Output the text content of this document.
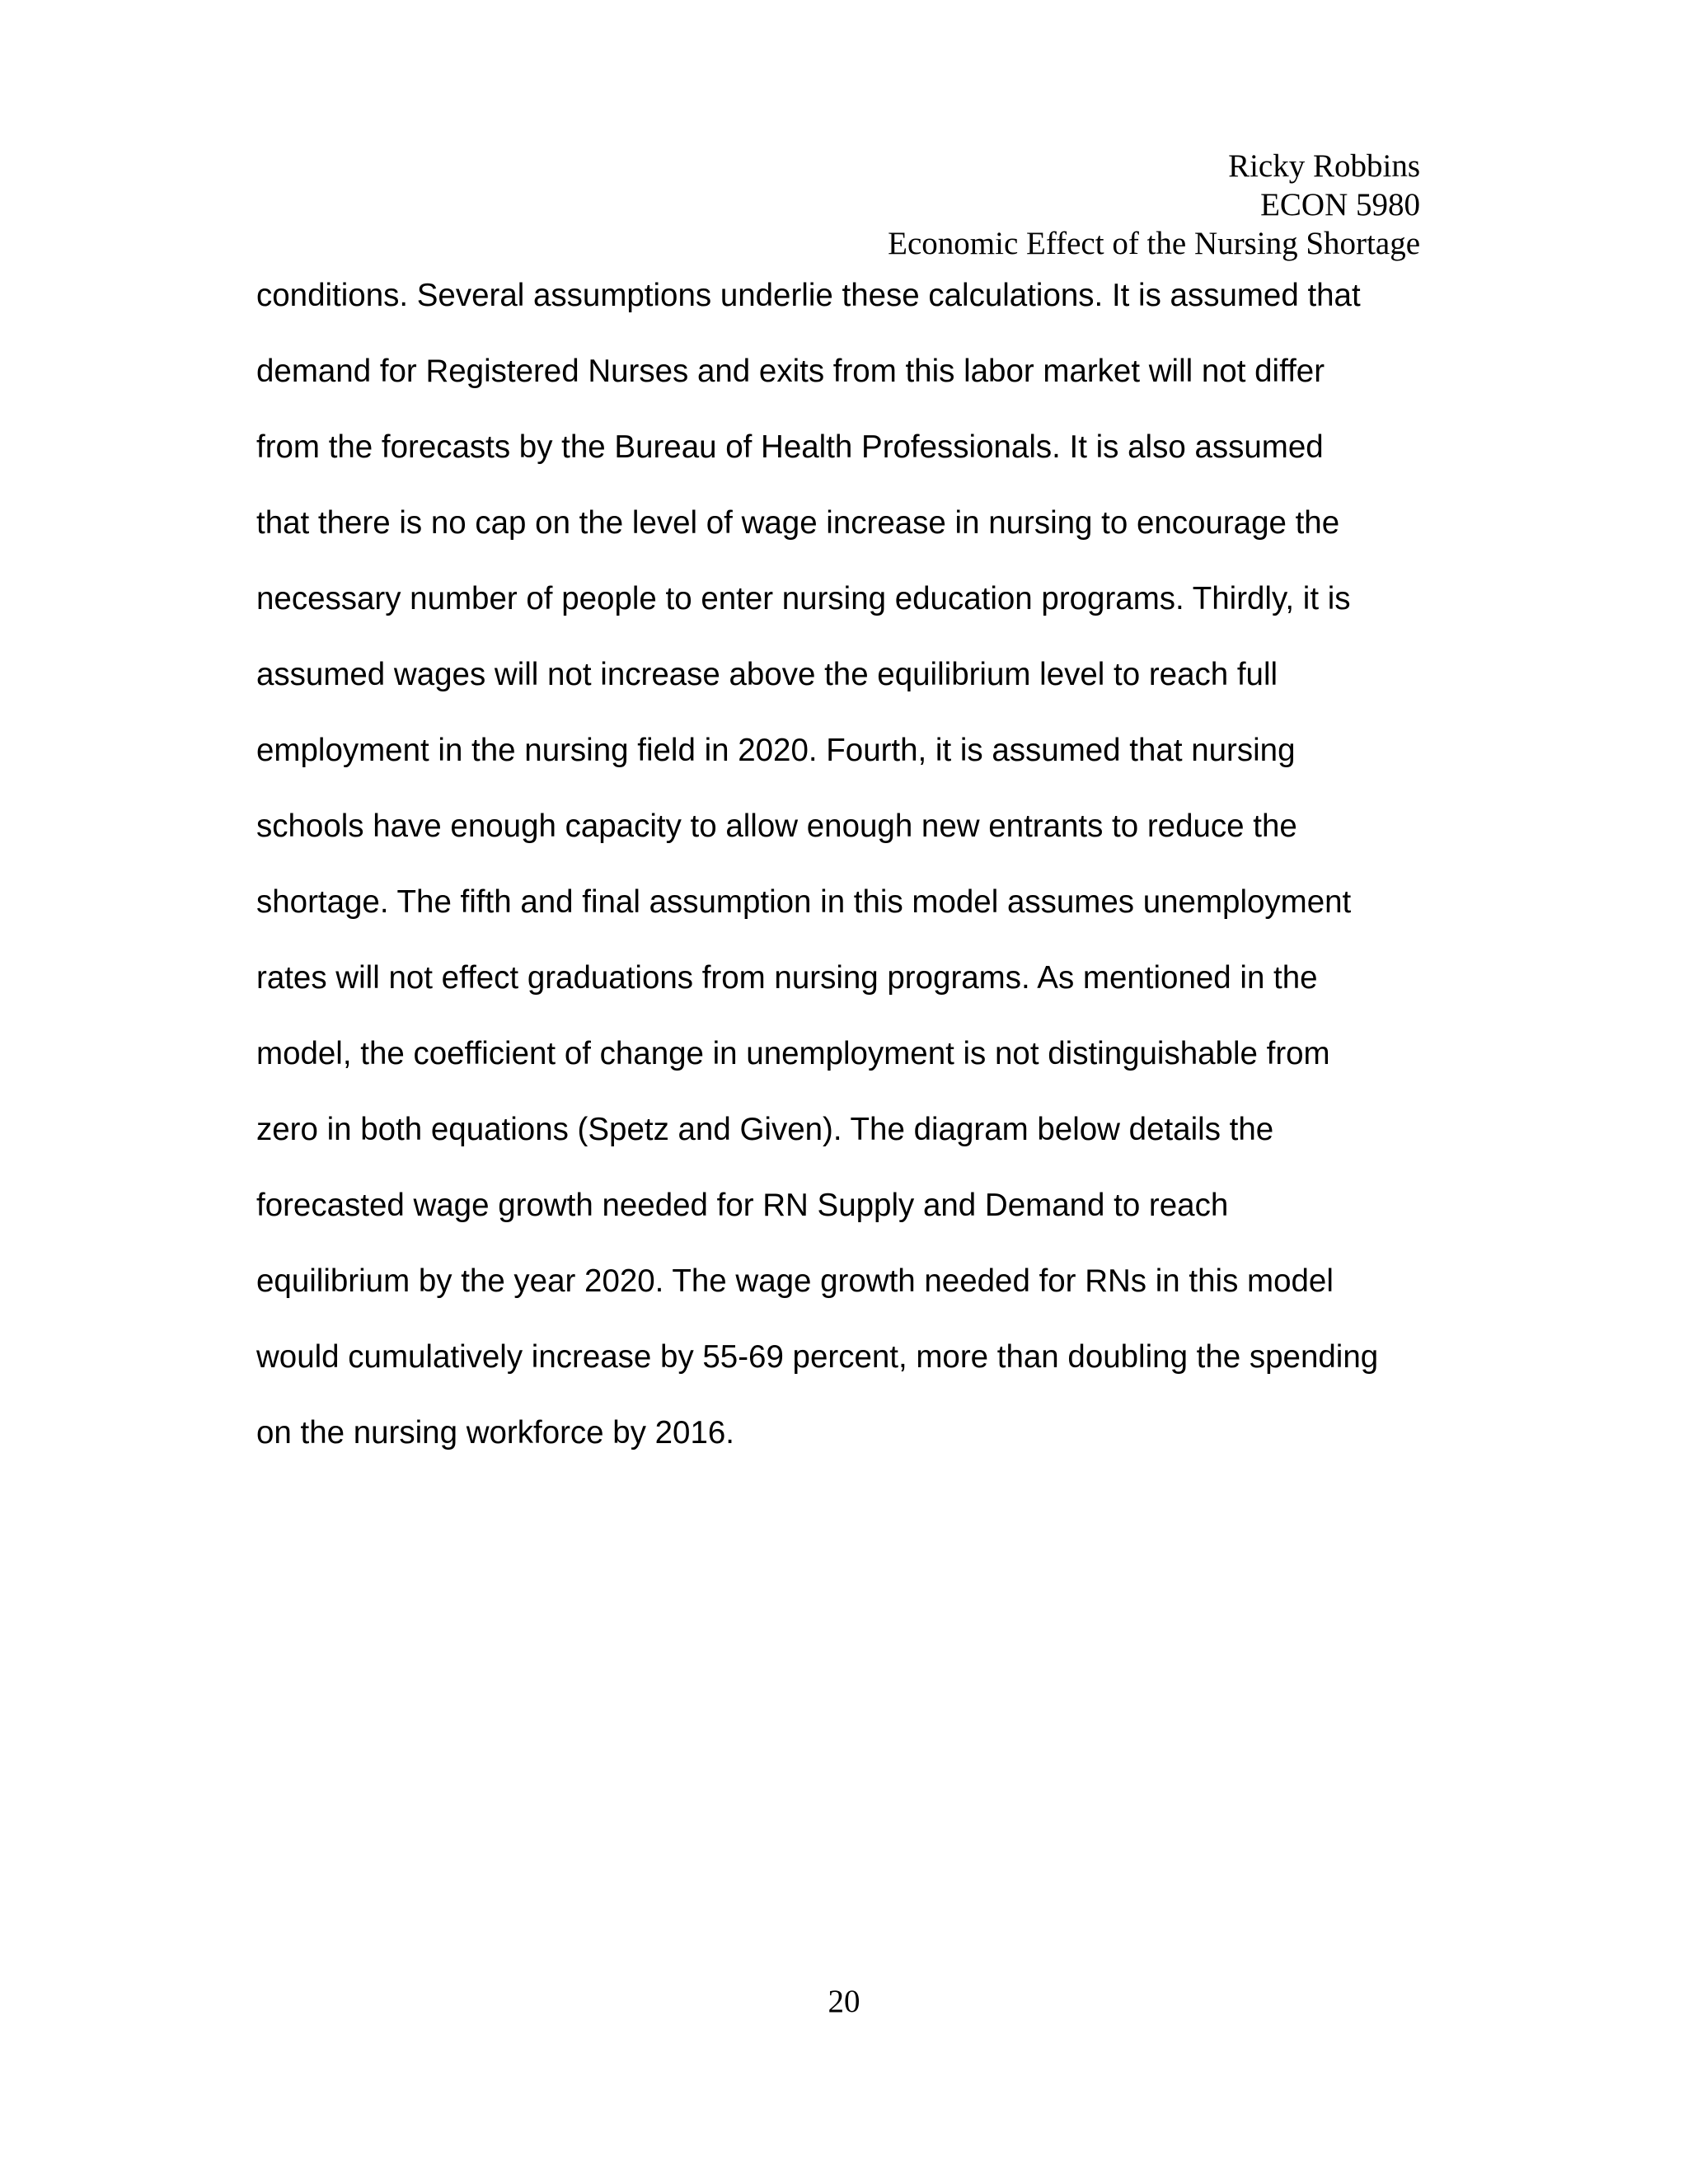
Ricky Robbins
ECON 5980
Economic Effect of the Nursing Shortage
conditions. Several assumptions underlie these calculations. It is assumed that
demand for Registered Nurses and exits from this labor market will not differ
from the forecasts by the Bureau of Health Professionals. It is also assumed
that there is no cap on the level of wage increase in nursing to encourage the
necessary number of people to enter nursing education programs. Thirdly, it is
assumed wages will not increase above the equilibrium level to reach full
employment in the nursing field in 2020. Fourth, it is assumed that nursing
schools have enough capacity to allow enough new entrants to reduce the
shortage. The fifth and final assumption in this model assumes unemployment
rates will not effect graduations from nursing programs. As mentioned in the
model, the coefficient of change in unemployment is not distinguishable from
zero in both equations (Spetz and Given). The diagram below details the
forecasted wage growth needed for RN Supply and Demand to reach
equilibrium by the year 2020. The wage growth needed for RNs in this model
would cumulatively increase by 55-69 percent, more than doubling the spending
on the nursing workforce by 2016.
20
